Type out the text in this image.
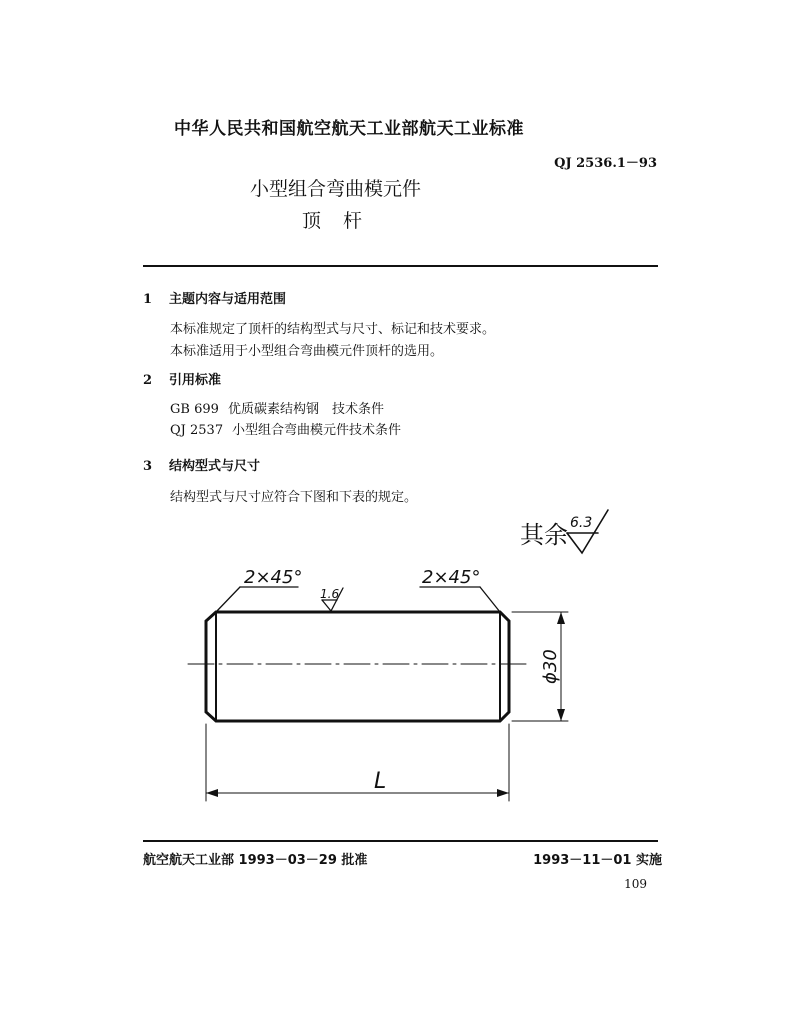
中华人民共和国航空航天工业部航天工业标准
QJ 2536.1－93
小型组合弯曲模元件
顶杆
1 主题内容与适用范围
本标准规定了顶杆的结构型式与尺寸、标记和技术要求。
本标准适用于小型组合弯曲模元件顶杆的选用。
2 引用标准
GB 699 优质碳素结构钢　技术条件
QJ 2537 小型组合弯曲模元件技术条件
3 结构型式与尺寸
结构型式与尺寸应符合下图和下表的规定。
其余 6.3
2×45°	2×45°
1.6
ϕ30
L
航空航天工业部 1993－03－29 批准	1993－11－01 实施
109
